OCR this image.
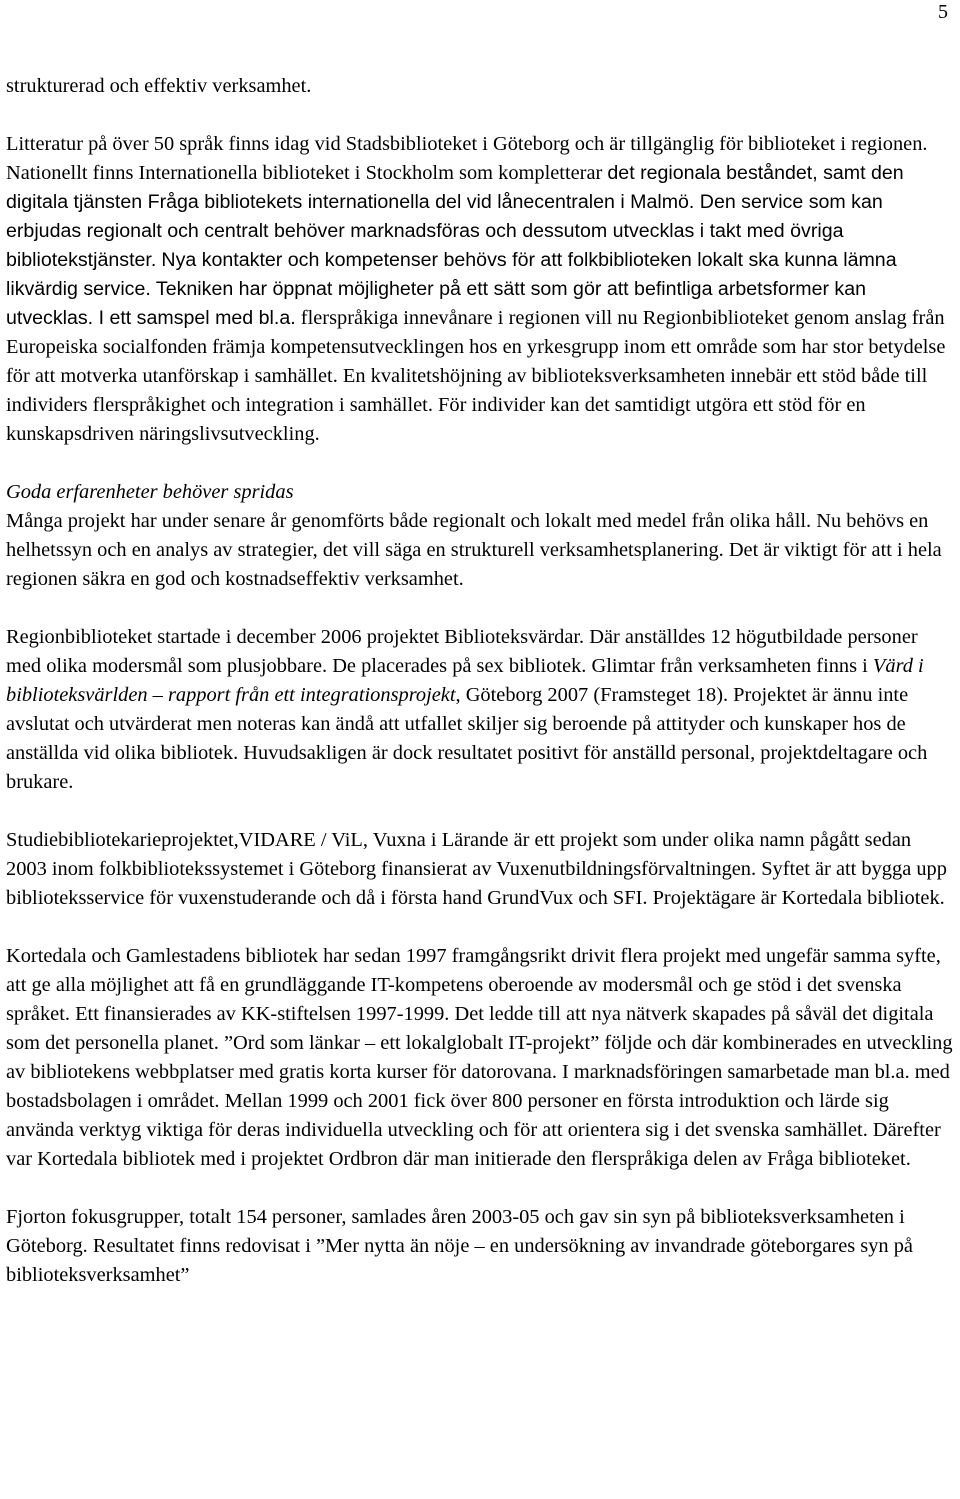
5

strukturerad och effektiv verksamhet.

Litteratur på över 50 språk finns idag vid Stadsbiblioteket i Göteborg och är tillgänglig för biblioteket i regionen. Nationellt finns Internationella biblioteket i Stockholm som kompletterar det regionala beståndet, samt den digitala tjänsten Fråga bibliotekets internationella del vid lånecentralen i Malmö. Den service som kan erbjudas regionalt och centralt behöver marknadsföras och dessutom utvecklas i takt med övriga bibliotekstjänster. Nya kontakter och kompetenser behövs för att folkbiblioteken lokalt ska kunna lämna likvärdig service. Tekniken har öppnat möjligheter på ett sätt som gör att befintliga arbetsformer kan utvecklas. I ett samspel med bl.a. flerspråkiga innevånare i regionen vill nu Regionbiblioteket genom anslag från Europeiska socialfonden främja kompetensutvecklingen hos en yrkesgrupp inom ett område som har stor betydelse för att motverka utanförskap i samhället. En kvalitetshöjning av biblioteksverksamheten innebär ett stöd både till individers flerspråkighet och integration i samhället. För individer kan det samtidigt utgöra ett stöd för en kunskapsdriven näringslivsutveckling.
Goda erfarenheter behöver spridas
Många projekt har under senare år genomförts både regionalt och lokalt med medel från olika håll. Nu behövs en helhetssyn och en analys av strategier, det vill säga en strukturell verksamhetsplanering. Det är viktigt för att i hela regionen säkra en god och kostnadseffektiv verksamhet.
Regionbiblioteket startade i december 2006 projektet Biblioteksvärdar. Där anställdes 12 högutbildade personer med olika modersmål som plusjobbare. De placerades på sex bibliotek. Glimtar från verksamheten finns i Värd i biblioteksvärlden – rapport från ett integrationsprojekt, Göteborg 2007 (Framsteget 18). Projektet är ännu inte avslutat och utvärderat men noteras kan ändå att utfallet skiljer sig beroende på attityder och kunskaper hos de anställda vid olika bibliotek. Huvudsakligen är dock resultatet positivt för anställd personal, projektdeltagare och brukare.

Studiebibliotekarieprojektet,VIDARE / ViL, Vuxna i Lärande är ett projekt som under olika namn pågått sedan 2003 inom folkbibliotekssystemet i Göteborg finansierat av Vuxenutbildningsförvaltningen. Syftet är att bygga upp biblioteksservice för vuxenstuderande och då i första hand GrundVux och SFI. Projektägare är Kortedala bibliotek.

Kortedala och Gamlestadens bibliotek har sedan 1997 framgångsrikt drivit flera projekt med ungefär samma syfte, att ge alla möjlighet att få en grundläggande IT-kompetens oberoende av modersmål och ge stöd i det svenska språket. Ett finansierades av KK-stiftelsen 1997-1999. Det ledde till att nya nätverk skapades på såväl det digitala som det personella planet. ”Ord som länkar – ett lokalglobalt IT-projekt” följde och där kombinerades en utveckling av bibliotekens webbplatser med gratis korta kurser för datorovana. I marknadsföringen samarbetade man bl.a. med bostadsbolagen i området. Mellan 1999 och 2001 fick över 800 personer en första introduktion och lärde sig använda verktyg viktiga för deras individuella utveckling och för att orientera sig i det svenska samhället. Därefter var Kortedala bibliotek med i projektet Ordbron där man initierade den flerspråkiga delen av Fråga biblioteket.

Fjorton fokusgrupper, totalt 154 personer, samlades åren 2003-05 och gav sin syn på biblioteksverksamheten i Göteborg. Resultatet finns redovisat i ”Mer nytta än nöje – en undersökning av invandrade göteborgares syn på biblioteksverksamhet”
